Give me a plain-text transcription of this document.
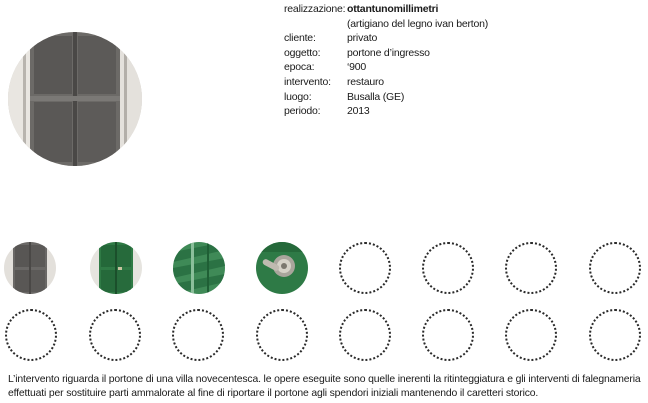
realizzazione: ottantunomillimetri
(artigiano del legno ivan berton)
cliente:	privato
oggetto:	portone d’ingresso
epoca:	‘900
intervento:	restauro
luogo:	Busalla (GE)
periodo:	2013
L’intervento riguarda il portone di una villa novecentesca. le opere eseguite sono quelle inerenti la ritinteggiatura e gli interventi di falegnameria effettuati per sostituire parti ammalorate al fine di riportare il portone agli spendori iniziali mantenendo il caretteri storico.
